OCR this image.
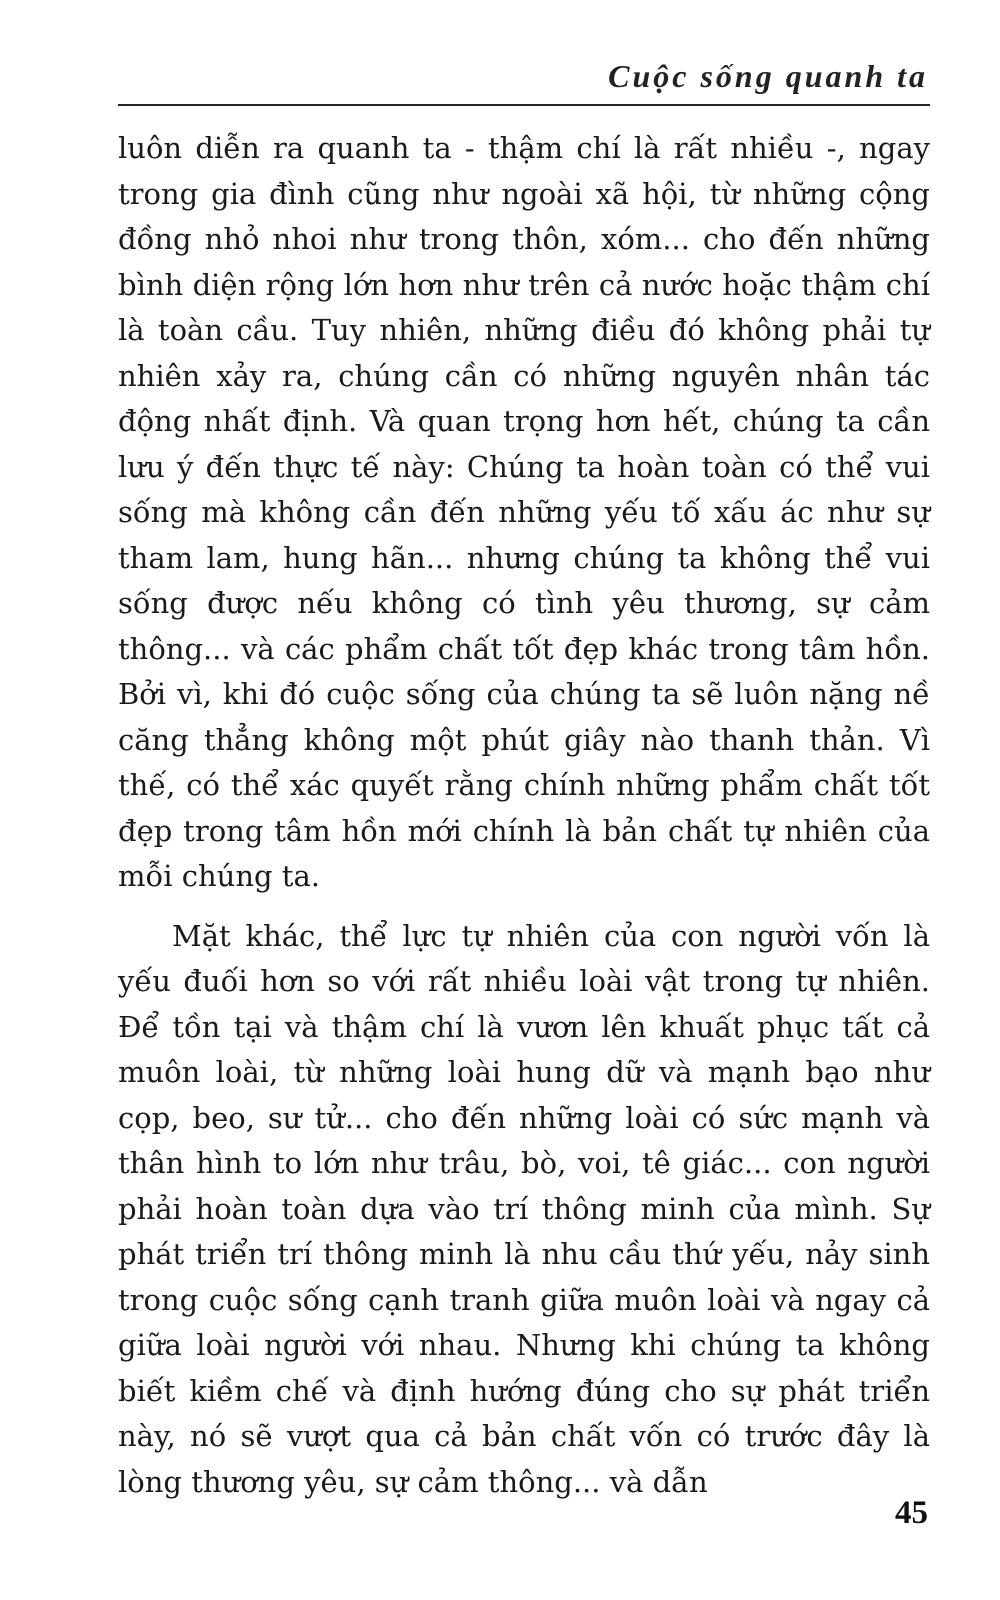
Cuộc sống quanh ta

luôn diễn ra quanh ta - thậm chí là rất nhiều -, ngay trong gia đình cũng như ngoài xã hội, từ những cộng đồng nhỏ nhoi như trong thôn, xóm... cho đến những bình diện rộng lớn hơn như trên cả nước hoặc thậm chí là toàn cầu. Tuy nhiên, những điều đó không phải tự nhiên xảy ra, chúng cần có những nguyên nhân tác động nhất định. Và quan trọng hơn hết, chúng ta cần lưu ý đến thực tế này: Chúng ta hoàn toàn có thể vui sống mà không cần đến những yếu tố xấu ác như sự tham lam, hung hãn... nhưng chúng ta không thể vui sống được nếu không có tình yêu thương, sự cảm thông... và các phẩm chất tốt đẹp khác trong tâm hồn. Bởi vì, khi đó cuộc sống của chúng ta sẽ luôn nặng nề căng thẳng không một phút giây nào thanh thản. Vì thế, có thể xác quyết rằng chính những phẩm chất tốt đẹp trong tâm hồn mới chính là bản chất tự nhiên của mỗi chúng ta.

Mặt khác, thể lực tự nhiên của con người vốn là yếu đuối hơn so với rất nhiều loài vật trong tự nhiên. Để tồn tại và thậm chí là vươn lên khuất phục tất cả muôn loài, từ những loài hung dữ và mạnh bạo như cọp, beo, sư tử... cho đến những loài có sức mạnh và thân hình to lớn như trâu, bò, voi, tê giác... con người phải hoàn toàn dựa vào trí thông minh của mình. Sự phát triển trí thông minh là nhu cầu thứ yếu, nảy sinh trong cuộc sống cạnh tranh giữa muôn loài và ngay cả giữa loài người với nhau. Nhưng khi chúng ta không biết kiềm chế và định hướng đúng cho sự phát triển này, nó sẽ vượt qua cả bản chất vốn có trước đây là lòng thương yêu, sự cảm thông... và dẫn

45
